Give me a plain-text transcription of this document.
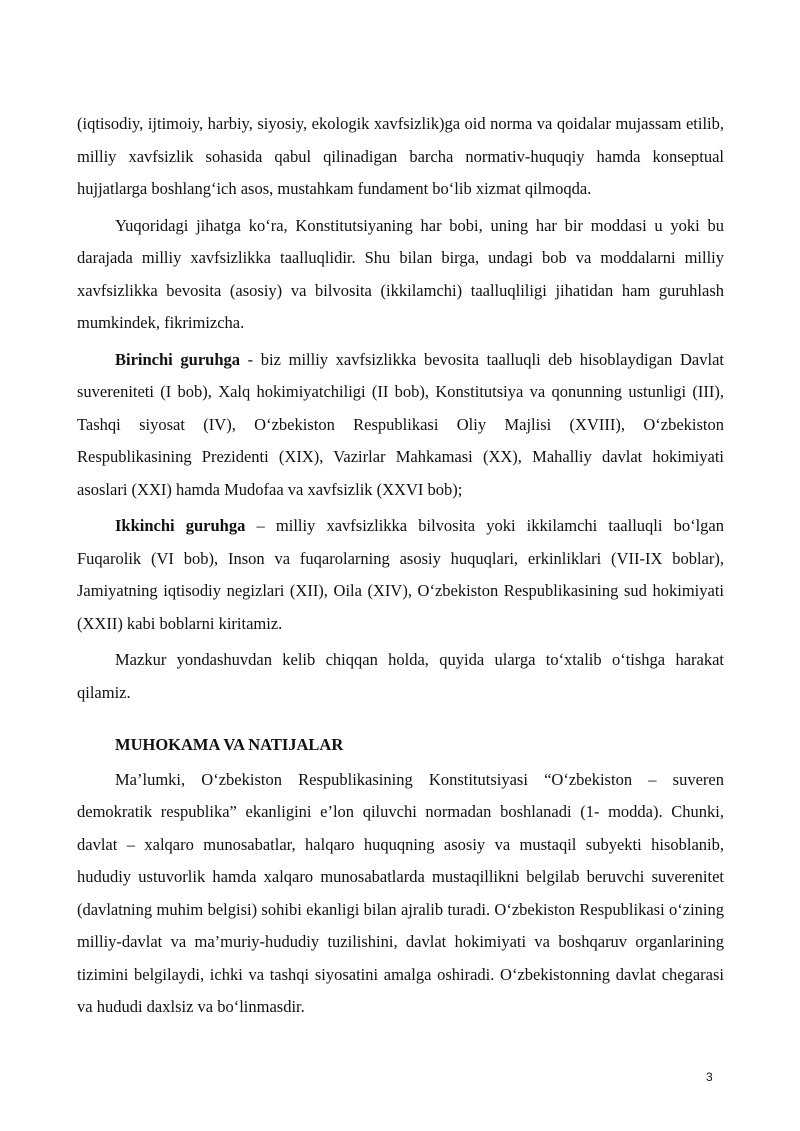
(iqtisodiy, ijtimoiy, harbiy, siyosiy, ekologik xavfsizlik)ga oid norma va qoidalar mujassam etilib, milliy xavfsizlik sohasida qabul qilinadigan barcha normativ-huquqiy hamda konseptual hujjatlarga boshlang‘ich asos, mustahkam fundament bo‘lib xizmat qilmoqda.

Yuqoridagi jihatga ko‘ra, Konstitutsiyaning har bobi, uning har bir moddasi u yoki bu darajada milliy xavfsizlikka taalluqlidir. Shu bilan birga, undagi bob va moddalarni milliy xavfsizlikka bevosita (asosiy) va bilvosita (ikkilamchi) taalluqliligi jihatidan ham guruhlash mumkindek, fikrimizcha.

Birinchi guruhga - biz milliy xavfsizlikka bevosita taalluqli deb hisoblaydigan Davlat suvereniteti (I bob), Xalq hokimiyatchiligi (II bob), Konstitutsiya va qonunning ustunligi (III), Tashqi siyosat (IV), O‘zbekiston Respublikasi Oliy Majlisi (XVIII), O‘zbekiston Respublikasining Prezidenti (XIX), Vazirlar Mahkamasi (XX), Mahalliy davlat hokimiyati asoslari (XXI) hamda Mudofaa va xavfsizlik (XXVI bob);

Ikkinchi guruhga – milliy xavfsizlikka bilvosita yoki ikkilamchi taalluqli bo‘lgan Fuqarolik (VI bob), Inson va fuqarolarning asosiy huquqlari, erkinliklari (VII-IX boblar), Jamiyatning iqtisodiy negizlari (XII), Oila (XIV), O‘zbekiston Respublikasining sud hokimiyati (XXII) kabi boblarni kiritamiz.

Mazkur yondashuvdan kelib chiqqan holda, quyida ularga to‘xtalib o‘tishga harakat qilamiz.

MUHOKAMA VA NATIJALAR

Ma’lumki, O‘zbekiston Respublikasining Konstitutsiyasi “O‘zbekiston – suveren demokratik respublika” ekanligini e’lon qiluvchi normadan boshlanadi (1- modda). Chunki, davlat – xalqaro munosabatlar, halqaro huquqning asosiy va mustaqil subyekti hisoblanib, hududiy ustuvorlik hamda xalqaro munosabatlarda mustaqillikni belgilab beruvchi suverenitet (davlatning muhim belgisi) sohibi ekanligi bilan ajralib turadi. O‘zbekiston Respublikasi o‘zining milliy-davlat va ma’muriy-hududiy tuzilishini, davlat hokimiyati va boshqaruv organlarining tizimini belgilaydi, ichki va tashqi siyosatini amalga oshiradi. O‘zbekistonning davlat chegarasi va hududi daxlsiz va bo‘linmasdir.

3
